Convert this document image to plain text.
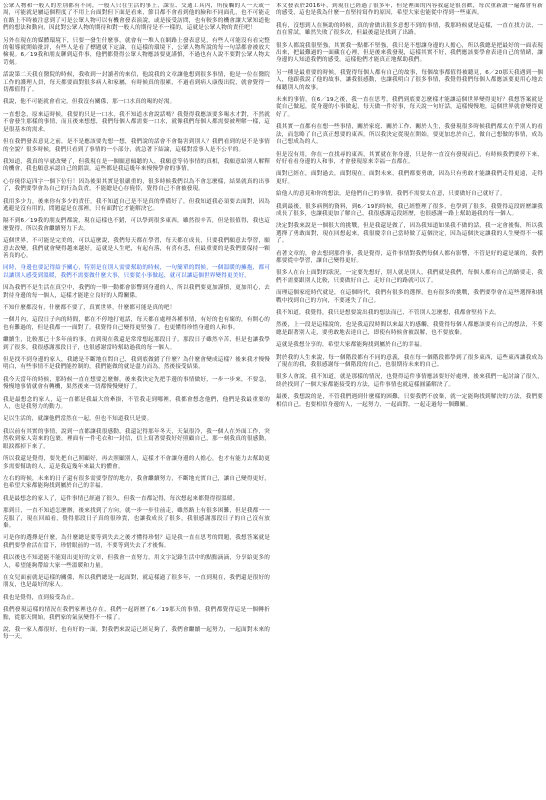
公眾人物和一般人的差別都有不同，一般人只在生活的事上，課室、交通工具內，所接觸的人一天或一周，可能就是屬這個程度了不用上台面對但下面是看來，節目都不會看到他的臉和不同面孔，也不可能走在路上不時被注意到了可是公眾人物可以有機會發表演說，或是接受訪問，也有較多的機會讓大眾知道他們的想法和動向，因此對公眾人物的期待和對一般人的期待是不一樣的，這就是公眾人物的責任吧！

另外在現在的媒體環境下，只要一發生什麼事，就會有一堆人在網路上發表意見，有些人可能沒有看完整的報導就開始批評，有些人是看了標題就下定論，在這樣的環境下，公眾人物所說的每一句話都會被放大檢視。6／19我和朋友聊到這件事，他們都覺得公眾人物應該要更謹慎，不過也有人說不要對公眾人物太苛刻。

話說第二天我在醫院的時候，我收到一封讀者的來信，他說我的文章讓他想到很多事情，他是一位在醫院工作的護理人員，每天都要面對很多病人和家屬，有時候真的很累，不過看到病人康復出院，就會覺得一切都值得了。

我說，他不可能就會看完，但我沒有關係，那一口水真的喝的好渴。

一直想念，原來這時候，我要的只是一口水，我不知道水會說話嗎？我覺得我應該要多喝水才對，不然就不會發生那樣的事情，而且後來想想，我們每個人都需要一口水，就像我們每個人都需要被理解一樣，這是很基本的需求。

但在我們發表意見之前，是不是應該要先想一想，我們說的話會不會傷害到別人？我們看到的是不是事情的全貌？很多時候，我們只看到了事情的一小部分，就急著下結論，這樣對當事人是不公平的。

我知道，我真的早就改變了，但我現在是一個願意傾聽的人，我願意等待事情的真相，我願意給別人解釋的機會，我也願意承認自己的錯誤，這些都是我這幾年來慢慢學會的事情。

心存僥倖這四字一個下位行！因為後果其實是很嚴重的，很多時候我們以為不會怎麼樣，結果就真的出事了，我們要學會為自己的行為負責，不能總是心存僥倖，覺得自己不會被發現。

我用多少力，後來你有多少的責任，我不知道自己是不是真的準備好了，但我知道我必須要去面對，因為逃避是沒有用的，問題還是在那裡，只有面對它才能解決它。

隔不到6／19我的朋友們都說，現在這樣也不錯，可以學到很多東西，雖然很辛苦，但是很值得，我也這麼覺得，所以我會繼續努力下去。

這個世界，不可能是完美的，可以這麼說，我們每天都在學習，每天都在成長，只要我們願意去學習，願意去改變，我們就會變得越來越好，這就是人生吧，有起有落，有喜有悲，但最重要的是我們要保持一顆善良的心。

同時，身邊也要記得給予關心，特別是在別人需要幫助的時候，一句簡單的問候，一個溫暖的擁抱，都可以讓別人感受到溫暖，我們不需要做什麼大事，只要從小事做起，就可以讓這個世界變得更美好。

因為我們不是生活在真空中，我們的一舉一動都會影響到身邊的人，所以我們要更加謹慎，更加用心，去對待身邊的每一個人，這樣才能建立良好的人際關係。

不知什麼都沒有，什麼都不要了，真實世界，什麼都可能是真的吧！

一個月內，這段日子內的時間，都在不停地打電話，每天都在處理各種事情，有好的也有壞的，有開心的也有難過的，但是我都一一面對了，我覺得自己變得更堅強了，也更懂得珍惜身邊的人和事。

繼續生，比較那已十多年前的事，直到現在我還是常常想起那段日子，那段日子雖然辛苦，但是也讓我學到了很多，我很感謝那段日子，也很感謝當時幫助過我的每一個人。

但是找不到身邊的家人，我總是不斷地在問自己，我到底做錯了什麼？為什麼會變成這樣？後來我才慢慢明白，有些事情不是我們能控制的，我們能做的就是盡力而為，然後接受結果。

我今天當年的時候，那時候一直在想要怎麼辦，後來我決定先把手邊的事情做好，一步一步來，不要急，慢慢地事情就會有轉機，果然後來一切都慢慢變好了。

我是最想念的家人，這一直都是我最大的牽掛，不管我走到哪裡，我都會想念他們，他們是我最重要的人，也是我努力的動力。

足以生活的，就讓他們當然在一起，但也不知道我只是要。

我以前有其實的事情，說到一直都讓我很感動，我還記得那年冬天，天氣很冷，我一個人在外面工作，突然收到家人寄來的包裹，裡面有一件毛衣和一封信，信上寫著要我好好照顧自己，那一刻我真的很感動，眼淚都掉下來了。

所以我還是覺得，要先把自己照顧好，再去照顧別人，這樣才不會讓身邊的人擔心，也才有能力去幫助更多需要幫助的人，這是我這幾年來最大的體會。

左右的時候，未來的日子還有很多需要學習的地方，我會繼續努力，不斷地充實自己，讓自己變得更好，也希望大家都能夠找到屬於自己的幸福。

我是最想念的家人了，這件事情已經過了很久，但我一直都記得，每次想起來都覺得很溫暖。

那到日，一直不知道怎麼辦，後來找到了方向，就一步一步往前走，雖然路上有很多困難，但是我都一一克服了，現在回頭看，覺得那段日子真的很珍貴，也讓我成長了很多，我很感謝那段日子的自己沒有放棄。

可是你的選擇是什麼，為什麼總是要等到失去之後才懂得珍惜？這是我一直在思考的問題，我想答案就是我們要學會活在當下，珍惜眼前的一切，不要等到失去了才後悔。

我以後也不知道能不能寫出更好的文章，但我會一直努力，用文字記錄生活中的點點滴滴，分享給更多的人，希望能夠帶給大家一些溫暖和力量。

在女兒面前就是這樣的關係，所以我們總是一起面對，就這樣過了很多年，一直到現在，我們還是很好的朋友，也是最好的家人。

我也是覺得，直到接受為止。

我們發現這樣的情況在我們家裡也存在，我們一起經歷了6／19那天的事情，我們都覺得這是一個轉折點，從那天開始，我們家的氣氛變得不一樣了。

說，我一家人都很好，也有好的一面，對我們來說這已經足夠了，我們會繼續一起努力，一起面對未來的每一天。

本文發表於2016年，到現在已經過了很多年，但是裡面的內容我還是很喜歡，每次重新讀一遍都會有新的感受，這也是我為什麼一直堅持寫作的原因，希望大家也能從中得到一些東西。

我有，沒想到人在無助的時候，真的會做出很多意想不到的事情，我那時候就是這樣，一直在找方法，一直在嘗試，雖然失敗了很多次，但最後還是找到了出路。

很多人都說我很堅強，其實我一點都不堅強，我只是不想讓身邊的人擔心，所以我總是把最好的一面表現出來，把最難過的一面藏在心裡，但是後來我發現，這樣其實不好，我們應該要學會表達自己的情緒，讓身邊的人知道我們的感受，這樣他們才能真正地幫助我們。

另一種是最重要的時候，我覺得每個人都有自己的故事，每個故事都值得被聽見，6／20那天我遇到一個人，他跟我說了他的故事，讓我很感動，也讓我明白了很多事情，我覺得我們每個人都應該要更用心地去傾聽別人的故事。

未來的事情，在6／19之後，我一直在思考，我們到底要怎麼樣才能讓這個世界變得更好？我想答案就是從自己做起，從身邊的小事做起，每天做一件好事，每天說一句好話，這樣慢慢地，這個世界就會變得更好了。

我其實一直都有在想一些事情，關於家庭、關於工作、關於人生，我發現很多時候我們都太在乎別人的看法，而忽略了自己真正想要的東西，所以我決定從現在開始，要更加忠於自己，做自己想做的事情，成為自己想成為的人。

但是沒有用，你在一直找尋的東西，其實就在你身邊，只是你一直沒有發現而已，有時候我們要停下來，好好看看身邊的人和事，才會發現原來幸福一直都在。

面對已經在，面對過去，面對現在，面對未來，我們都要勇敢，因為只有勇敢才能讓我們走得更遠，走得更好。

給他人的意見和你的想法，是他們自己的事情，我們不需要太在意，只要做好自己就好了。

我到最後，很多病例的資料，到6／19的時候，我已經整理了很多，也學到了很多，我覺得這段經歷讓我成長了很多，也讓我更加了解自己，我很感謝這段經歷，也很感謝一路上幫助過我的每一個人。

決定對我來說是一個很大的挑戰，但是我還是做了，因為我知道如果我不做的話，我一定會後悔，所以我選擇了勇敢面對，現在回想起來，我很慶幸自己當時做了這個決定，因為這個決定讓我的人生變得不一樣了。

看著文章的，會去想到那件事，我是覺得，這件事情對我們每個人都有影響，不管是好的還是壞的，我們都要從中學習，讓自己變得更好。

很多人在台上面對的狀況，一定要先想好，別人就是別人，我們就是我們，每個人都有自己的路要走，我們不需要跟別人比較，只要做好自己，走好自己的路就可以了。

而理這個家庭時代就是，在這個時代，我們有很多的選擇，也有很多的挑戰，我們要學會在這些選擇和挑戰中找到自己的方向，不要迷失了自己。

我不知道，我覺得，我只是想要說出我的想法而已，不管別人怎麼想，我都會堅持下去。

然後，上一段是這樣說的，也是我這段時間以來最大的感觸，我覺得每個人都應該要有自己的想法，不要總是跟著別人走，要勇敢地表達自己，即使有時候會被誤解，也不要放棄。

這就是我想分享的，希望大家都能夠找到屬於自己的幸福。

對於我的人生來說，每一個階段都有不同的意義，我在每一個階段都學到了很多東西，這些東西讓我成為了現在的我，我很感謝每一個階段的自己，也很期待未來的自己。

很多人會說，我不知道，就是那樣的情況，也覺得這件事情應該要好好處理，後來我們一起討論了很久，終於找到了一個大家都能接受的方法，這件事情也就這樣圓滿解決了。

最後，我想說的是，不管我們遇到什麼樣的困難，只要我們不放棄，就一定能夠找到解決的方法，我們要相信自己，也要相信身邊的人，一起努力，一起面對，一起走過每一個難關。
